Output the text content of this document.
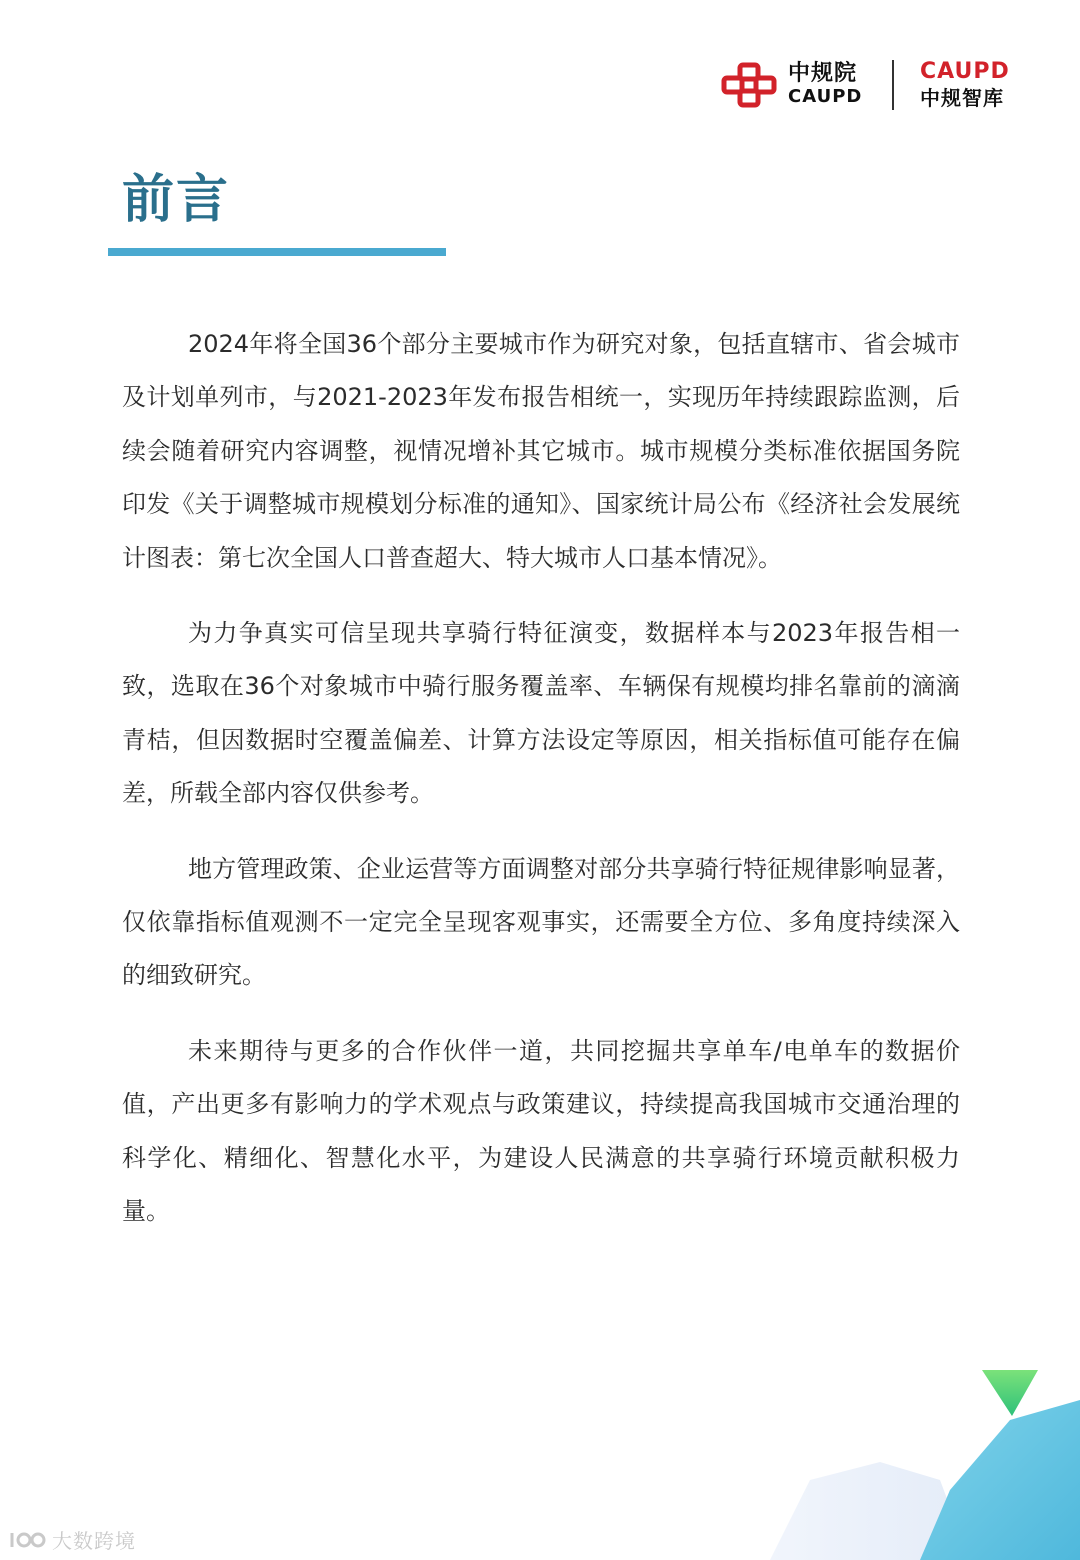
中规院
CAUPD
CAUPD
中规智库
前言

2024年将全国36个部分主要城市作为研究对象，包括直辖市、省会城市及计划单列市，与2021-2023年发布报告相统一，实现历年持续跟踪监测，后续会随着研究内容调整，视情况增补其它城市。城市规模分类标准依据国务院印发《关于调整城市规模划分标准的通知》、国家统计局公布《经济社会发展统计图表：第七次全国人口普查超大、特大城市人口基本情况》。

为力争真实可信呈现共享骑行特征演变，数据样本与2023年报告相一致，选取在36个对象城市中骑行服务覆盖率、车辆保有规模均排名靠前的滴滴青桔，但因数据时空覆盖偏差、计算方法设定等原因，相关指标值可能存在偏差，所载全部内容仅供参考。

地方管理政策、企业运营等方面调整对部分共享骑行特征规律影响显著，仅依靠指标值观测不一定完全呈现客观事实，还需要全方位、多角度持续深入的细致研究。

未来期待与更多的合作伙伴一道，共同挖掘共享单车/电单车的数据价值，产出更多有影响力的学术观点与政策建议，持续提高我国城市交通治理的科学化、精细化、智慧化水平，为建设人民满意的共享骑行环境贡献积极力量。

大数跨境
